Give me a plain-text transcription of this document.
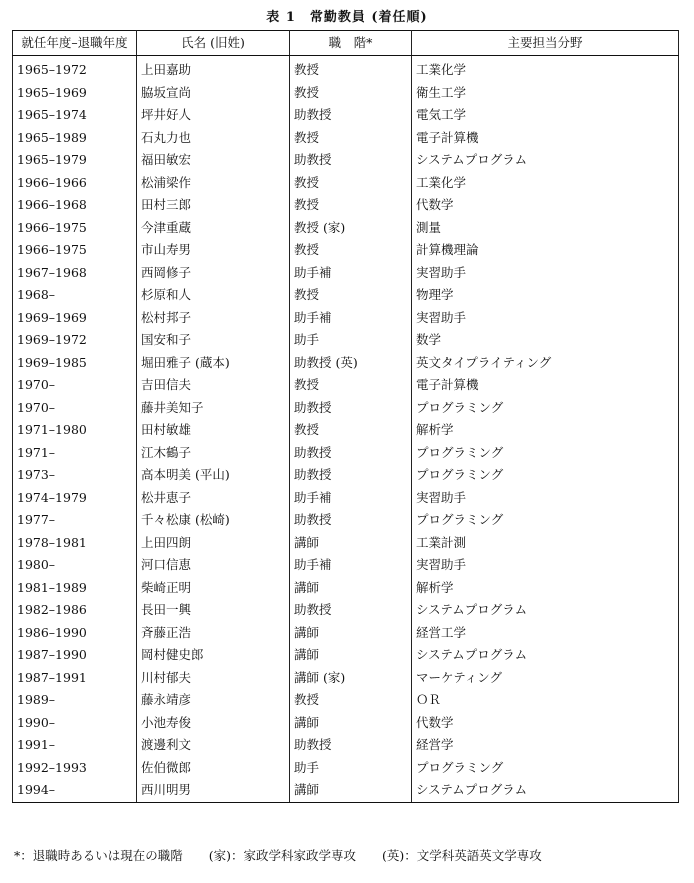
表 1　常勤教員 (着任順)
就任年度–退職年度	氏名 (旧姓)	職　階*	主要担当分野
1965–1972	上田嘉助	教授	工業化学
1965–1969	脇坂宣尚	教授	衛生工学
1965–1974	坪井好人	助教授	電気工学
1965–1989	石丸力也	教授	電子計算機
1965–1979	福田敏宏	助教授	システムプログラム
1966–1966	松浦梁作	教授	工業化学
1966–1968	田村三郎	教授	代数学
1966–1975	今津重蔵	教授 (家)	測量
1966–1975	市山寿男	教授	計算機理論
1967–1968	西岡修子	助手補	実習助手
1968–	杉原和人	教授	物理学
1969–1969	松村邦子	助手補	実習助手
1969–1972	国安和子	助手	数学
1969–1985	堀田雅子 (蔵本)	助教授 (英)	英文タイプライティング
1970–	吉田信夫	教授	電子計算機
1970–	藤井美知子	助教授	プログラミング
1971–1980	田村敏雄	教授	解析学
1971–	江木鶴子	助教授	プログラミング
1973–	高本明美 (平山)	助教授	プログラミング
1974–1979	松井恵子	助手補	実習助手
1977–	千々松康 (松崎)	助教授	プログラミング
1978–1981	上田四朗	講師	工業計測
1980–	河口信恵	助手補	実習助手
1981–1989	柴崎正明	講師	解析学
1982–1986	長田一興	助教授	システムプログラム
1986–1990	斉藤正浩	講師	経営工学
1987–1990	岡村健史郎	講師	システムプログラム
1987–1991	川村郁夫	講師 (家)	マーケティング
1989–	藤永靖彦	教授	ＯＲ
1990–	小池寿俊	講師	代数学
1991–	渡邊利文	助教授	経営学
1992–1993	佐伯微郎	助手	プログラミング
1994–	西川明男	講師	システムプログラム
*：退職時あるいは現在の職階 (家)：家政学科家政学専攻 (英)：文学科英語英文学専攻
